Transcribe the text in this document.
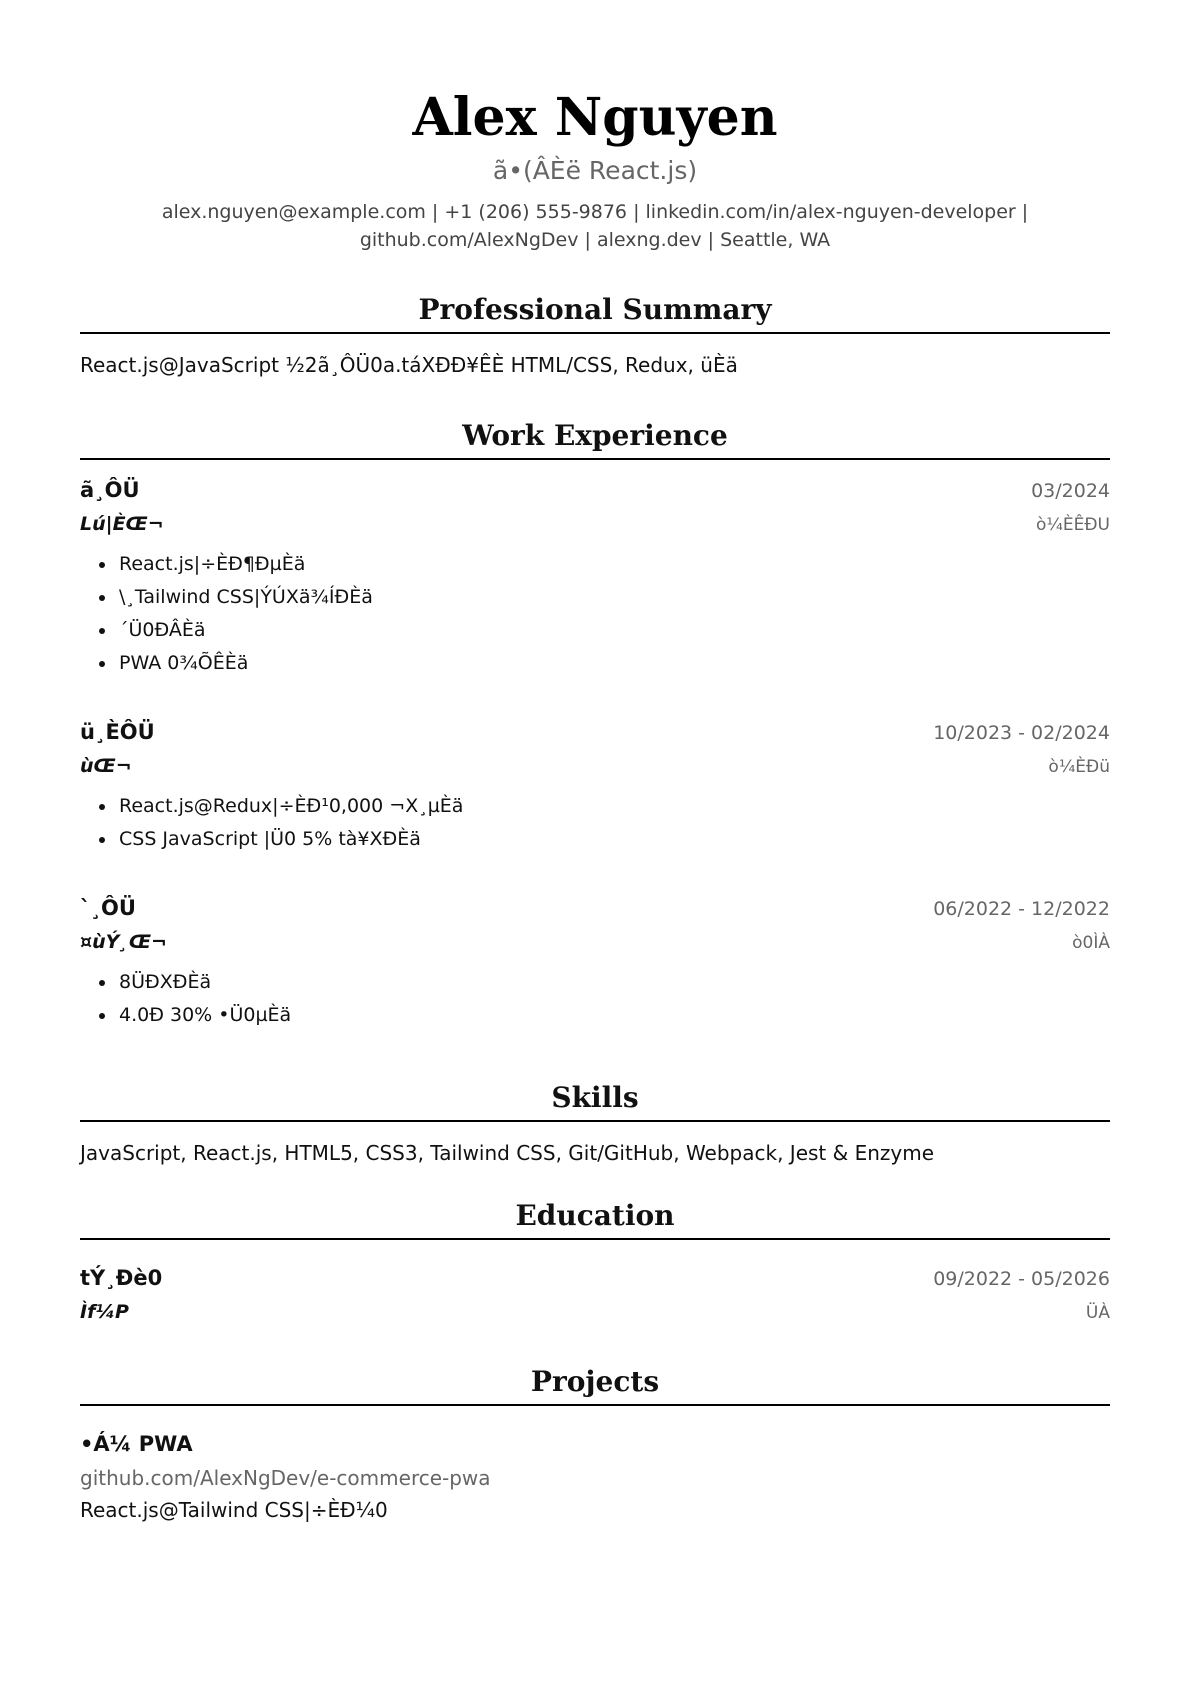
Alex Nguyen
ã•(ÂÈë React.js)
alex.nguyen@example.com | +1 (206) 555-9876 | linkedin.com/in/alex-nguyen-developer |
github.com/AlexNgDev | alexng.dev | Seattle, WA
Professional Summary
React.js@JavaScript ½2ã¸ÔÜ0a.táXÐÐ¥ÊÈ HTML/CSS, Redux, üÈä
Work Experience
ã¸ÔÜ	03/2024
Lú|ÈŒ¬	ò¼ÈÊÐU
• React.js|÷ÈÐ¶ÐµÈä
• \¸Tailwind CSS|ÝÚXä¾ÍÐÈä
• ´Ü0ÐÂÈä
• PWA 0¾ÕÊÈä
ü¸ÈÔÜ	10/2023 - 02/2024
ùŒ¬	ò¼ÈÐü
• React.js@Redux|÷ÈÐ¹0,000 ¬X¸µÈä
• CSS JavaScript |Ü0 5% tà¥XÐÈä
`¸ÔÜ	06/2022 - 12/2022
¤ùÝ¸Œ¬	ò0ÌÀ
• 8ÜÐXÐÈä
• 4.0Ð 30% •Ü0µÈä
Skills
JavaScript, React.js, HTML5, CSS3, Tailwind CSS, Git/GitHub, Webpack, Jest & Enzyme
Education
tÝ¸Ðè0	09/2022 - 05/2026
Ìf¼P	ÜÀ
Projects
•Á¼ PWA
github.com/AlexNgDev/e-commerce-pwa
React.js@Tailwind CSS|÷ÈÐ¼0
